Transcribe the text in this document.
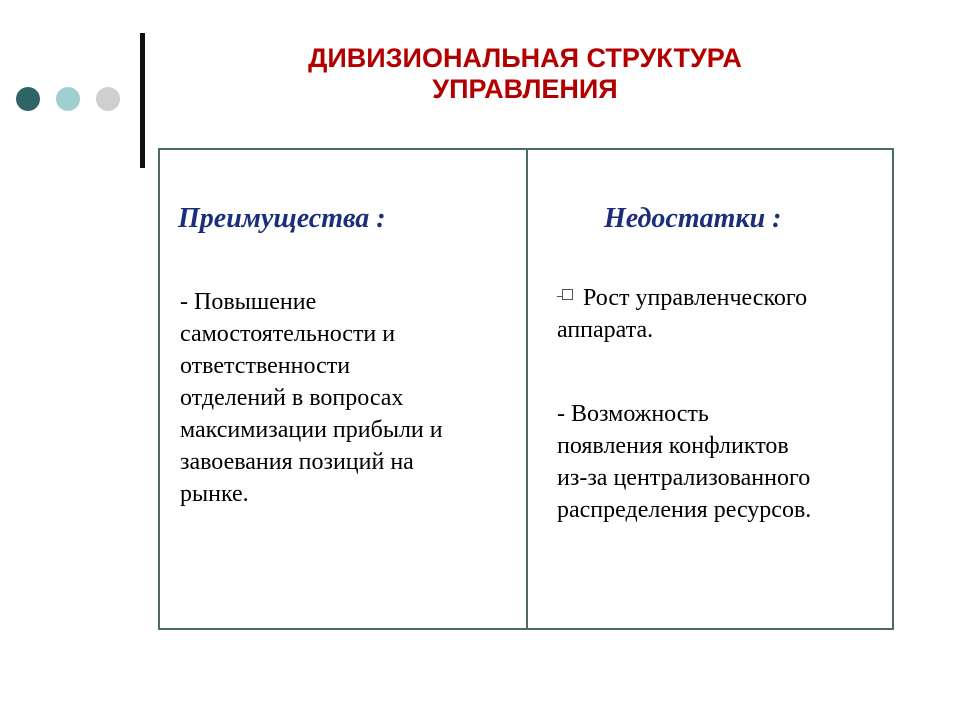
ДИВИЗИОНАЛЬНАЯ СТРУКТУРА
УПРАВЛЕНИЯ
Преимущества :
- Повышение
самостоятельности и
ответственности
отделений в вопросах
максимизации прибыли и
завоевания позиций на
рынке.
Недостатки :
Рост управленческого
аппарата.
- Возможность
появления конфликтов
из-за централизованного
распределения ресурсов.
